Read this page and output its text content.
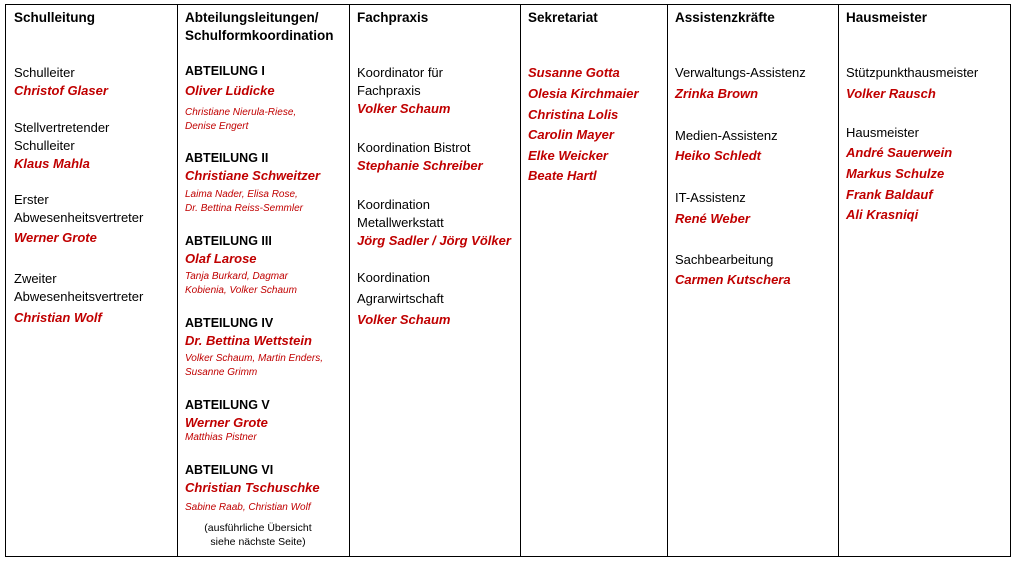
Schulleitung
Schulleiter
Christof Glaser
Stellvertretender
Schulleiter
Klaus Mahla
Erster
Abwesenheitsvertreter
Werner Grote
Zweiter
Abwesenheitsvertreter
Christian Wolf
Abteilungsleitungen/
Schulformkoordination
ABTEILUNG I
Oliver Lüdicke
Christiane Nierula-Riese,
Denise Engert
ABTEILUNG II
Christiane Schweitzer
Laima Nader, Elisa Rose,
Dr. Bettina Reiss-Semmler
ABTEILUNG III
Olaf Larose
Tanja Burkard, Dagmar
Kobienia, Volker Schaum
ABTEILUNG IV
Dr. Bettina Wettstein
Volker Schaum, Martin Enders,
Susanne Grimm
ABTEILUNG V
Werner Grote
Matthias Pistner
ABTEILUNG VI
Christian Tschuschke
Sabine Raab, Christian Wolf
(ausführliche Übersicht
siehe nächste Seite)
Fachpraxis
Koordinator für
Fachpraxis
Volker Schaum
Koordination Bistrot
Stephanie Schreiber
Koordination
Metallwerkstatt
Jörg Sadler / Jörg Völker
Koordination
Agrarwirtschaft
Volker Schaum
Sekretariat
Susanne Gotta
Olesia Kirchmaier
Christina Lolis
Carolin Mayer
Elke Weicker
Beate Hartl
Assistenzkräfte
Verwaltungs-Assistenz
Zrinka Brown
Medien-Assistenz
Heiko Schledt
IT-Assistenz
René Weber
Sachbearbeitung
Carmen Kutschera
Hausmeister
Stützpunkthausmeister
Volker Rausch
Hausmeister
André Sauerwein
Markus Schulze
Frank Baldauf
Ali Krasniqi
